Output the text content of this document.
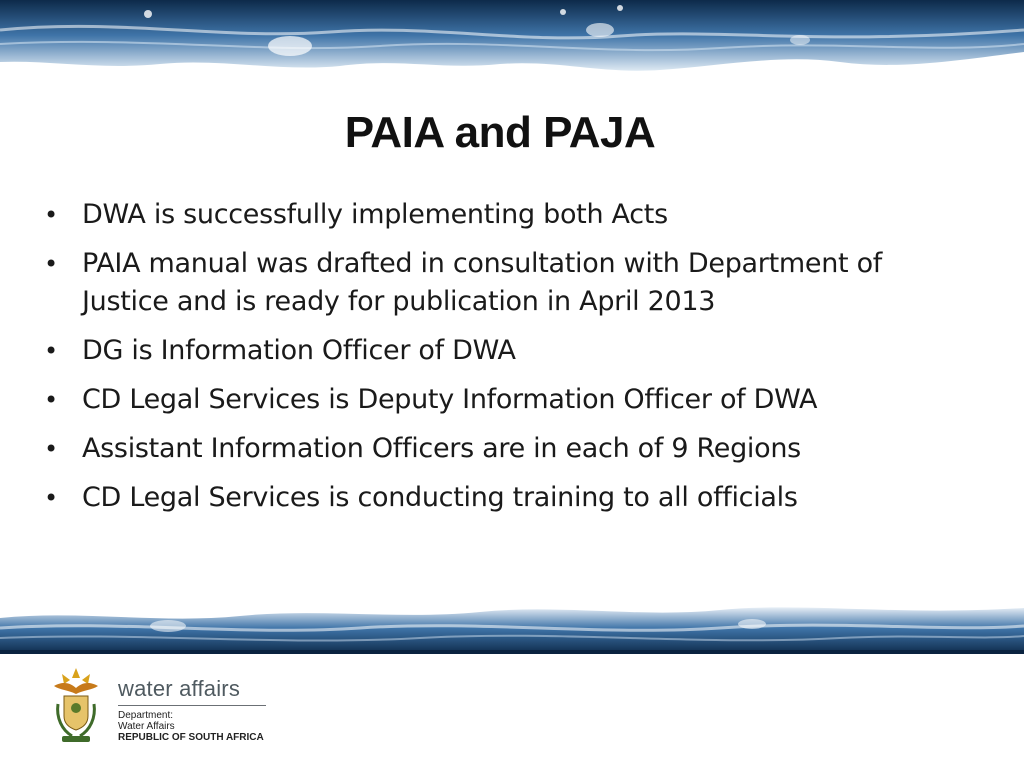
PAIA and PAJA
• DWA is successfully implementing both Acts
• PAIA manual was drafted in consultation with Department of Justice and is ready for publication in April 2013
• DG is Information Officer of DWA
• CD Legal Services is Deputy Information Officer of DWA
• Assistant Information Officers are in each of 9 Regions
• CD Legal Services is conducting training to all officials
water affairs
Department:
Water Affairs
REPUBLIC OF SOUTH AFRICA
